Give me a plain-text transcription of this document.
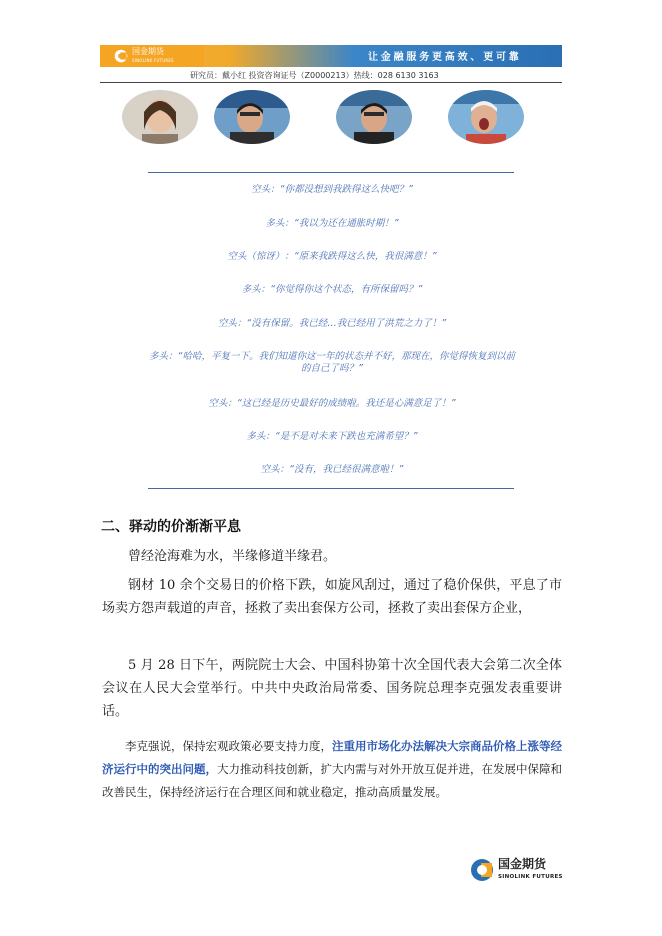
国金期货
SINOLINK FUTURES	让金融服务更高效、更可靠
研究员：戴小红 投资咨询证号（Z0000213）热线：028 6130 3163
空头：“你都没想到我跌得这么快吧？”
多头：“我以为还在通胀时期！”
空头（惊讶）：“原来我跌得这么快，我很满意！”
多头：“你觉得你这个状态，有所保留吗？”
空头：“没有保留。我已经…我已经用了洪荒之力了！”
多头：“哈哈，平复一下。我们知道你这一年的状态并不好，那现在，你觉得恢复到以前的自己了吗？”
空头：“这已经是历史最好的成绩啦。我还是心满意足了！”
多头：“是不是对未来下跌也充满希望？”
空头：“没有，我已经很满意啦！”
二、驿动的价渐渐平息
曾经沧海难为水，半缘修道半缘君。
钢材 10 余个交易日的价格下跌，如旋风刮过，通过了稳价保供，平息了市场卖方怨声载道的声音，拯救了卖出套保方公司，拯救了卖出套保方企业，
5 月 28 日下午，两院院士大会、中国科协第十次全国代表大会第二次全体会议在人民大会堂举行。中共中央政治局常委、国务院总理李克强发表重要讲话。
李克强说，保持宏观政策必要支持力度，注重用市场化办法解决大宗商品价格上涨等经济运行中的突出问题，大力推动科技创新，扩大内需与对外开放互促并进，在发展中保障和改善民生，保持经济运行在合理区间和就业稳定，推动高质量发展。
国金期货
SINOLINK FUTURES
